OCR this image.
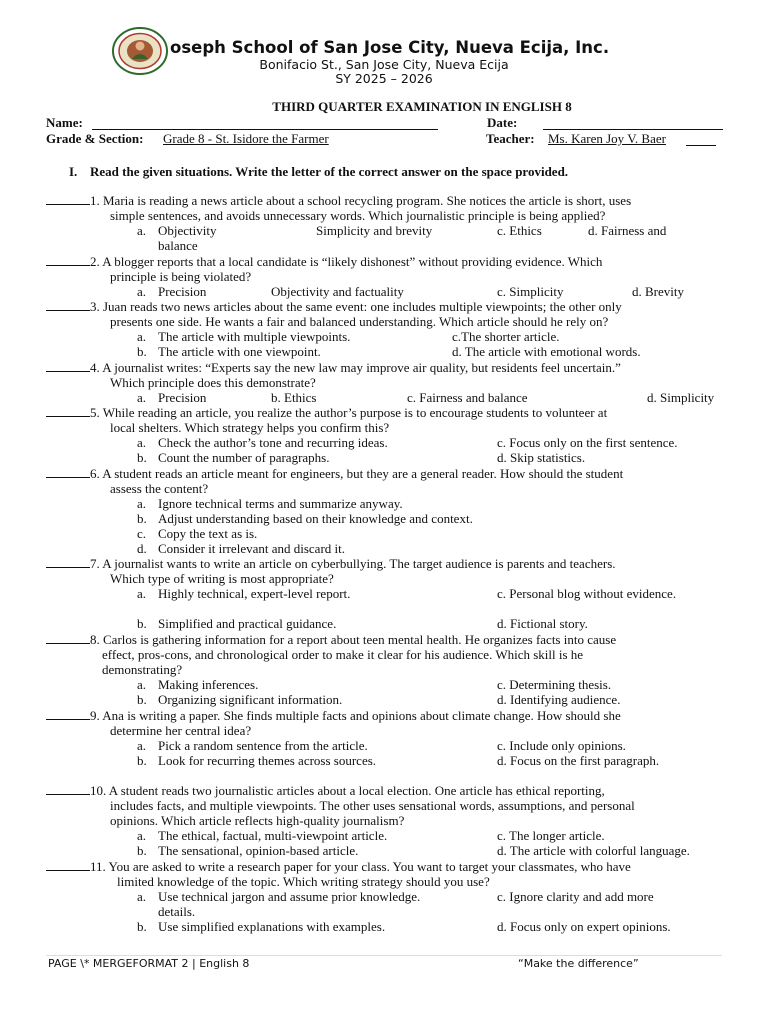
oseph School of San Jose City, Nueva Ecija, Inc.
Bonifacio St., San Jose City, Nueva Ecija
SY 2025 – 2026
THIRD QUARTER EXAMINATION IN ENGLISH 8
Name:	Date:
Grade & Section: Grade 8 - St. Isidore the Farmer	Teacher: Ms. Karen Joy V. Baer
I. Read the given situations. Write the letter of the correct answer on the space provided.
1. Maria is reading a news article about a school recycling program. She notices the article is short, uses
simple sentences, and avoids unnecessary words. Which journalistic principle is being applied?
a. Objectivity	Simplicity and brevity	c. Ethics	d. Fairness and
balance
2. A blogger reports that a local candidate is “likely dishonest” without providing evidence. Which
principle is being violated?
a. Precision	Objectivity and factuality	c. Simplicity	d. Brevity
3. Juan reads two news articles about the same event: one includes multiple viewpoints; the other only
presents one side. He wants a fair and balanced understanding. Which article should he rely on?
a. The article with multiple viewpoints.	c.The shorter article.
b. The article with one viewpoint.	d. The article with emotional words.
4. A journalist writes: “Experts say the new law may improve air quality, but residents feel uncertain.”
Which principle does this demonstrate?
a. Precision	b. Ethics	c. Fairness and balance	d. Simplicity
5. While reading an article, you realize the author’s purpose is to encourage students to volunteer at
local shelters. Which strategy helps you confirm this?
a. Check the author’s tone and recurring ideas.	c. Focus only on the first sentence.
b. Count the number of paragraphs.	d. Skip statistics.
6. A student reads an article meant for engineers, but they are a general reader. How should the student
assess the content?
a. Ignore technical terms and summarize anyway.
b. Adjust understanding based on their knowledge and context.
c. Copy the text as is.
d. Consider it irrelevant and discard it.
7. A journalist wants to write an article on cyberbullying. The target audience is parents and teachers.
Which type of writing is most appropriate?
a. Highly technical, expert-level report.	c. Personal blog without evidence.
b. Simplified and practical guidance.	d. Fictional story.
8. Carlos is gathering information for a report about teen mental health. He organizes facts into cause
effect, pros-cons, and chronological order to make it clear for his audience. Which skill is he
demonstrating?
a. Making inferences.	c. Determining thesis.
b. Organizing significant information.	d. Identifying audience.
9. Ana is writing a paper. She finds multiple facts and opinions about climate change. How should she
determine her central idea?
a. Pick a random sentence from the article.	c. Include only opinions.
b. Look for recurring themes across sources.	d. Focus on the first paragraph.
10. A student reads two journalistic articles about a local election. One article has ethical reporting,
includes facts, and multiple viewpoints. The other uses sensational words, assumptions, and personal
opinions. Which article reflects high-quality journalism?
a. The ethical, factual, multi-viewpoint article.	c. The longer article.
b. The sensational, opinion-based article.	d. The article with colorful language.
11. You are asked to write a research paper for your class. You want to target your classmates, who have
limited knowledge of the topic. Which writing strategy should you use?
a. Use technical jargon and assume prior knowledge.	c. Ignore clarity and add more
details.
b. Use simplified explanations with examples.	d. Focus only on expert opinions.
PAGE \* MERGEFORMAT 2 | English 8	“Make the difference”
